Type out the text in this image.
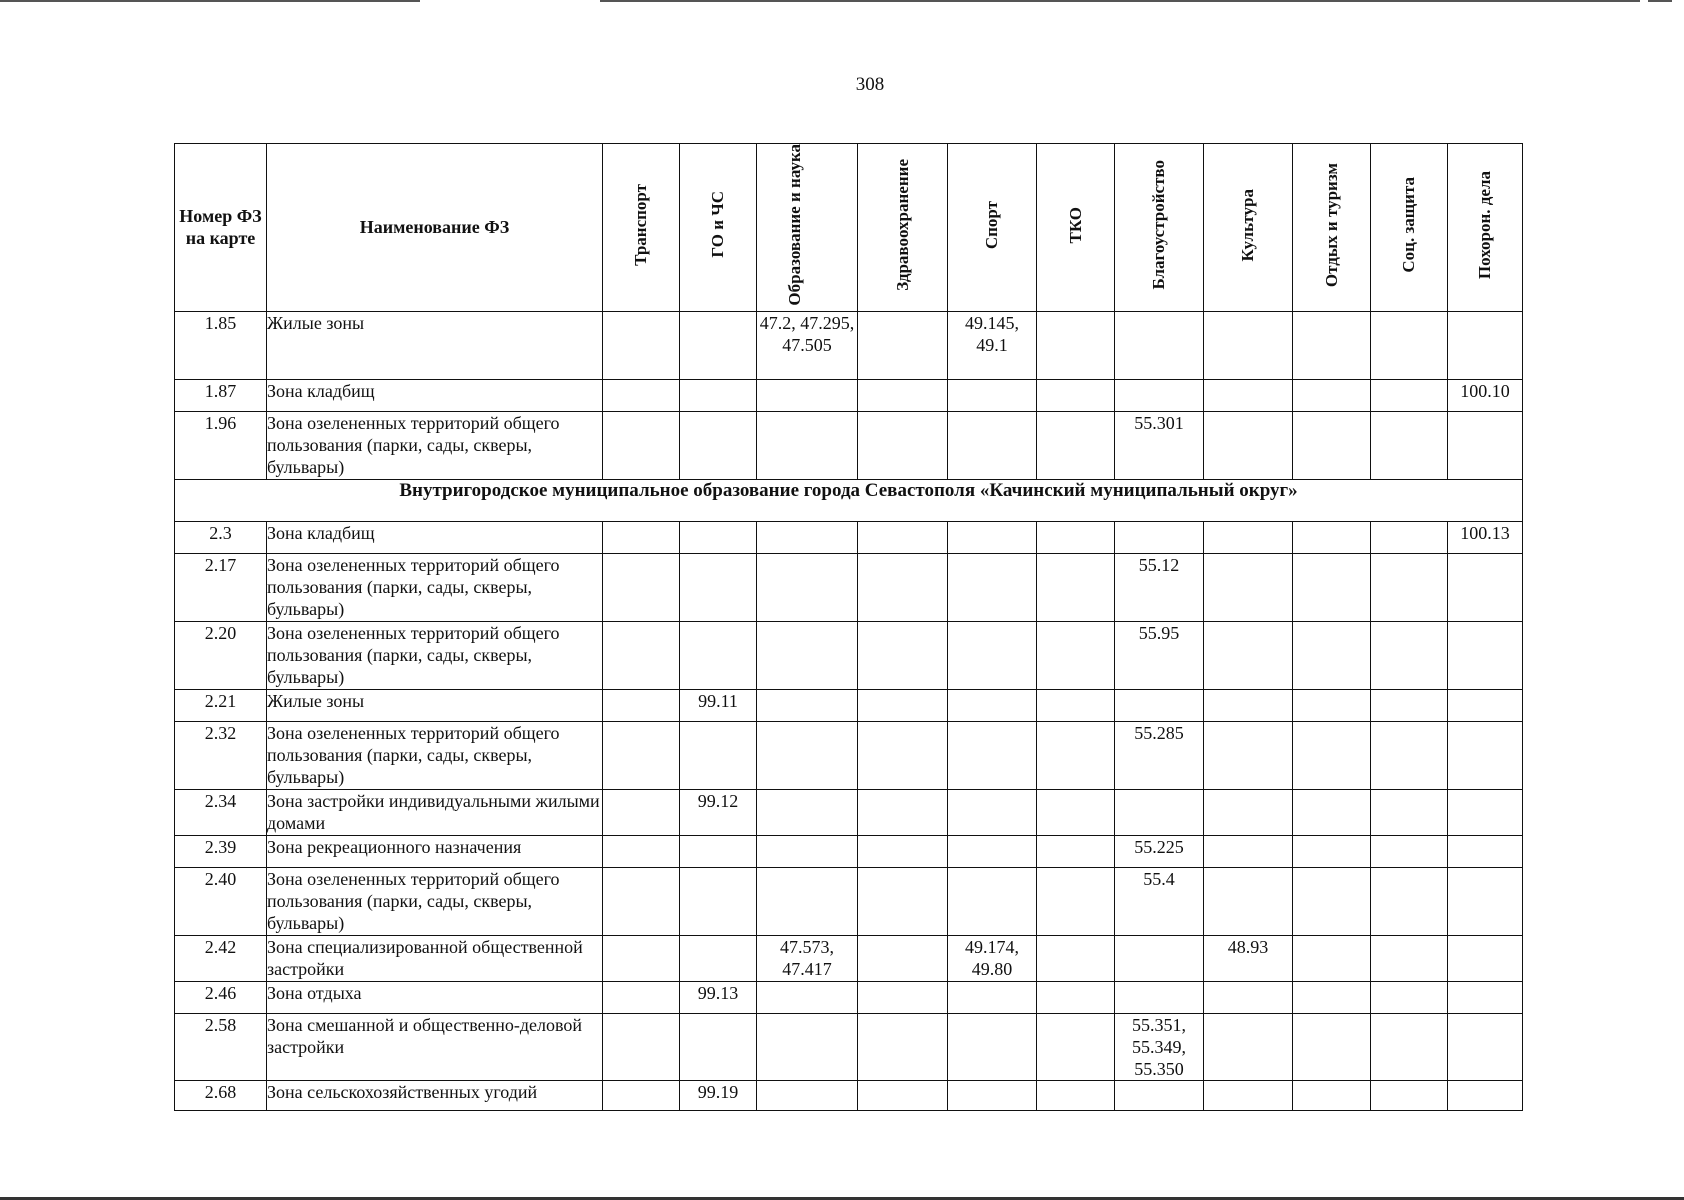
308
Номер ФЗ на карте	Наименование ФЗ	Транспорт	ГО и ЧС	Образование и наука	Здравоохранение	Спорт	ТКО	Благоустройство	Культура	Отдых и туризм	Соц. защита	Похорон. дела
1.85	Жилые зоны			47.2, 47.295, 47.505		49.145, 49.1						
1.87	Зона кладбищ											100.10
1.96	Зона озелененных территорий общего пользования (парки, сады, скверы, бульвары)							55.301				
Внутригородское муниципальное образование города Севастополя «Качинский муниципальный округ»												
2.3	Зона кладбищ											100.13
2.17	Зона озелененных территорий общего пользования (парки, сады, скверы, бульвары)							55.12				
2.20	Зона озелененных территорий общего пользования (парки, сады, скверы, бульвары)							55.95				
2.21	Жилые зоны		99.11									
2.32	Зона озелененных территорий общего пользования (парки, сады, скверы, бульвары)							55.285				
2.34	Зона застройки индивидуальными жилыми домами		99.12									
2.39	Зона рекреационного назначения							55.225				
2.40	Зона озелененных территорий общего пользования (парки, сады, скверы, бульвары)							55.4				
2.42	Зона специализированной общественной застройки			47.573, 47.417		49.174, 49.80			48.93			
2.46	Зона отдыха		99.13									
2.58	Зона смешанной и общественно-деловой застройки							55.351, 55.349, 55.350				
2.68	Зона сельскохозяйственных угодий		99.19									
